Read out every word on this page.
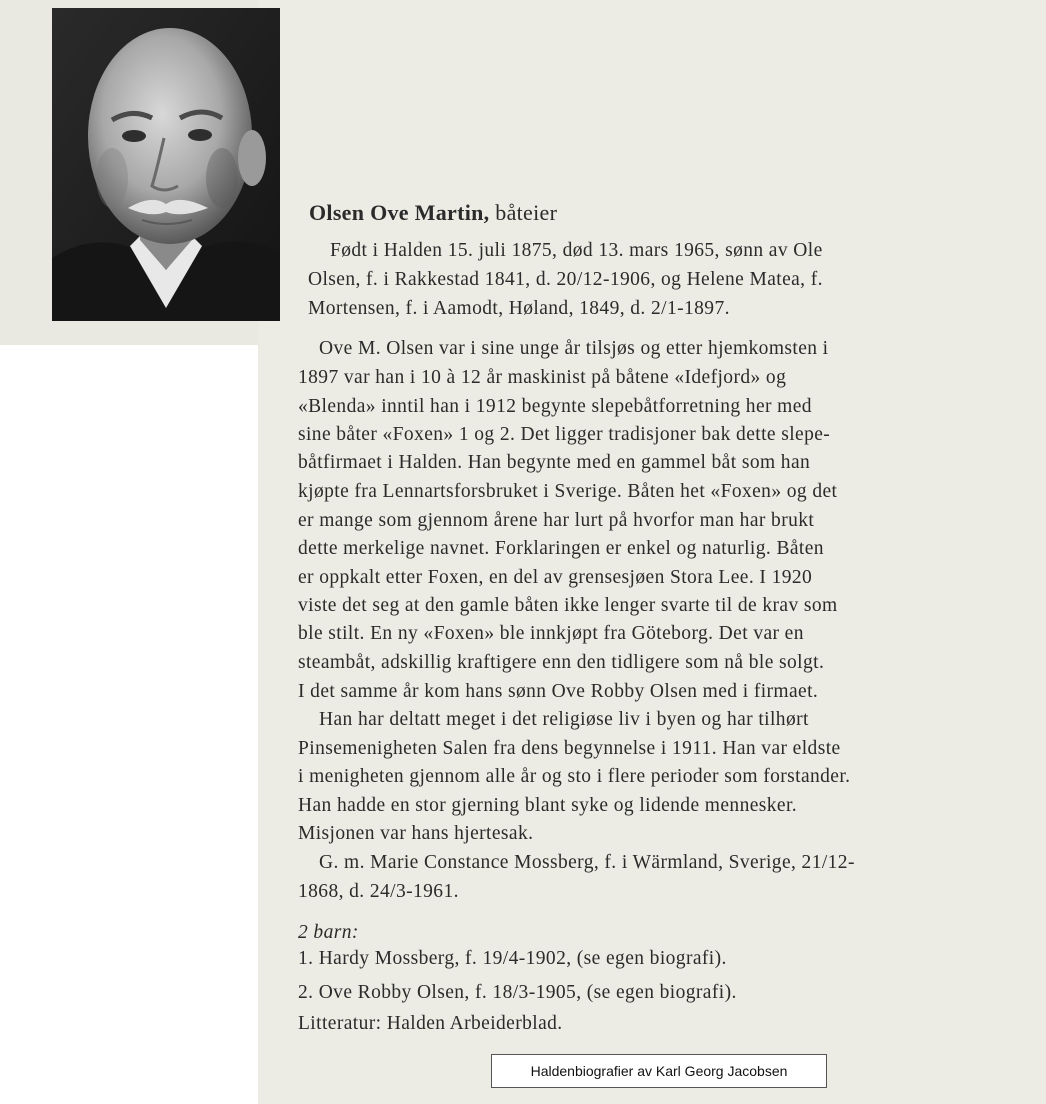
Olsen Ove Martin, båteier

Født i Halden 15. juli 1875, død 13. mars 1965, sønn av Ole
Olsen, f. i Rakkestad 1841, d. 20/12-1906, og Helene Matea, f.
Mortensen, f. i Aamodt, Høland, 1849, d. 2/1-1897.
Ove M. Olsen var i sine unge år tilsjøs og etter hjemkomsten i
1897 var han i 10 à 12 år maskinist på båtene «Idefjord» og
«Blenda» inntil han i 1912 begynte slepebåtforretning her med
sine båter «Foxen» 1 og 2. Det ligger tradisjoner bak dette slepe-
båtfirmaet i Halden. Han begynte med en gammel båt som han
kjøpte fra Lennartsforsbruket i Sverige. Båten het «Foxen» og det
er mange som gjennom årene har lurt på hvorfor man har brukt
dette merkelige navnet. Forklaringen er enkel og naturlig. Båten
er oppkalt etter Foxen, en del av grensesjøen Stora Lee. I 1920
viste det seg at den gamle båten ikke lenger svarte til de krav som
ble stilt. En ny «Foxen» ble innkjøpt fra Göteborg. Det var en
steambåt, adskillig kraftigere enn den tidligere som nå ble solgt.
I det samme år kom hans sønn Ove Robby Olsen med i firmaet.
Han har deltatt meget i det religiøse liv i byen og har tilhørt
Pinsemenigheten Salen fra dens begynnelse i 1911. Han var eldste
i menigheten gjennom alle år og sto i flere perioder som forstander.
Han hadde en stor gjerning blant syke og lidende mennesker.
Misjonen var hans hjertesak.
G. m. Marie Constance Mossberg, f. i Wärmland, Sverige, 21/12-
1868, d. 24/3-1961.
2 barn:
1. Hardy Mossberg, f. 19/4-1902, (se egen biografi).
2. Ove Robby Olsen, f. 18/3-1905, (se egen biografi).
Litteratur: Halden Arbeiderblad.
Haldenbiografier av Karl Georg Jacobsen
